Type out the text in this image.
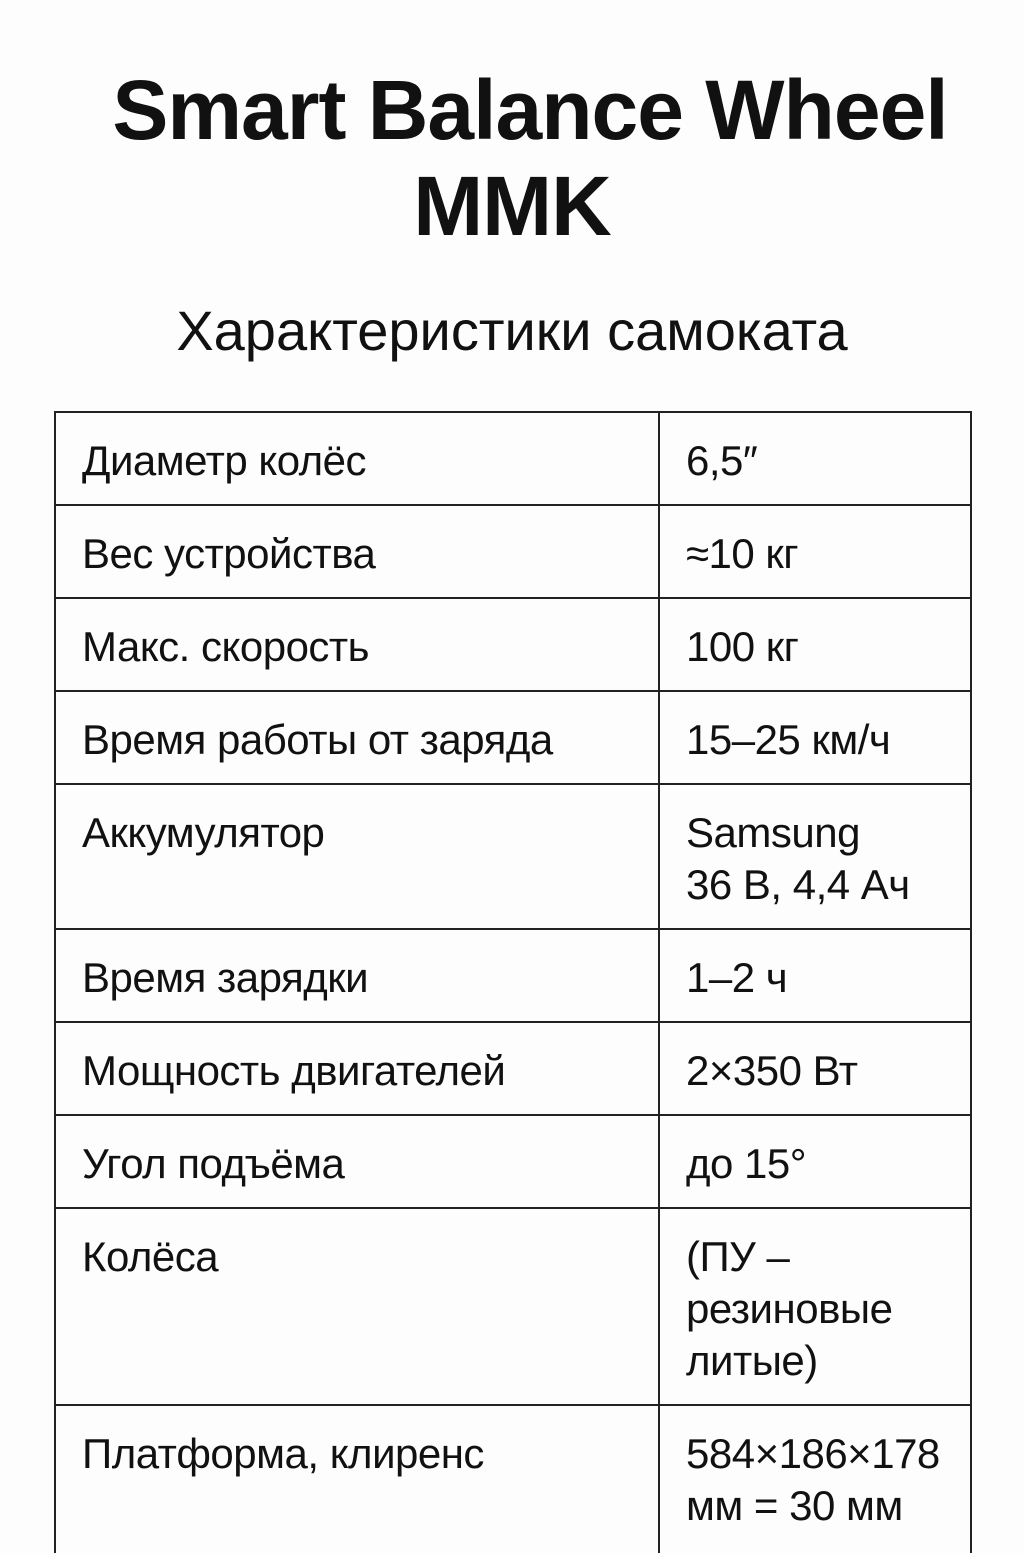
Smart Balance Wheel
MMK
Характеристики самоката
Диаметр колёс	6,5″

Вес устройства	≈10 кг

Макс. скорость	100 кг

Время работы от заряда	15–25 км/ч

Аккумулятор	Samsung
36 В, 4,4 Ач

Время зарядки	1–2 ч

Мощность двигателей	2×350 Вт

Угол подъёма	до 15°

Колёса	(ПУ –
резиновые
литые)

Платформа, клиренс	584×186×178
мм = 30 мм
